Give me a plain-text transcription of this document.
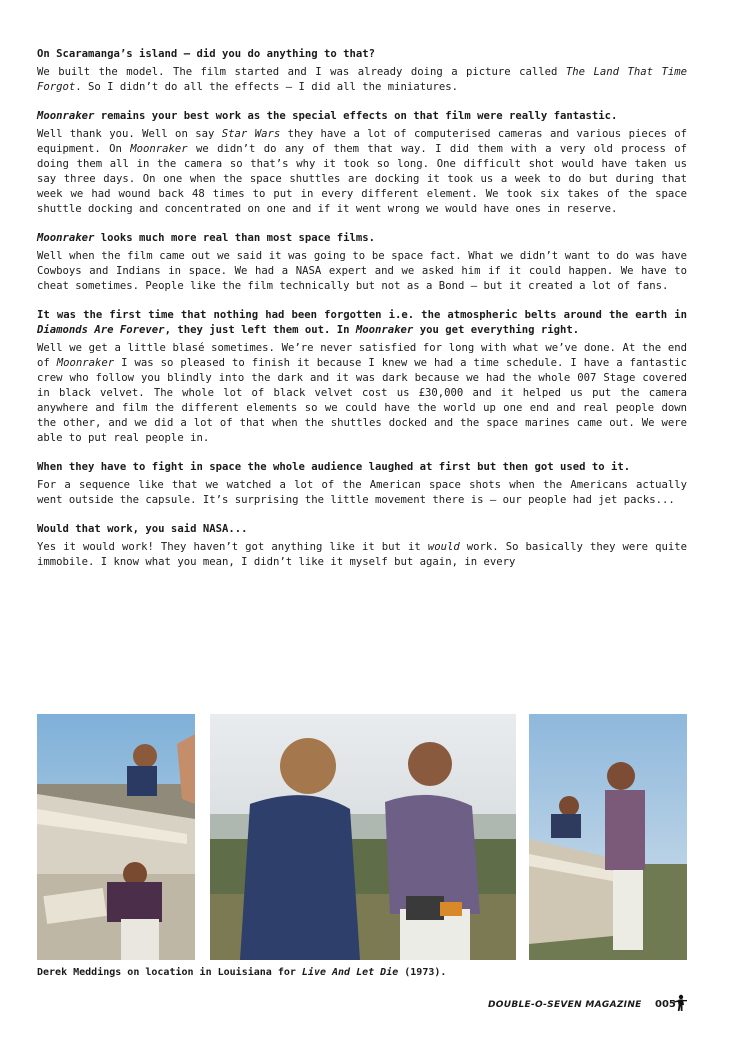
On Scaramanga’s island – did you do anything to that?

We built the model. The film started and I was already doing a picture called The Land That Time Forgot. So I didn’t do all the effects – I did all the miniatures.

Moonraker remains your best work as the special effects on that film were really fantastic.

Well thank you. Well on say Star Wars they have a lot of computerised cameras and various pieces of equipment. On Moonraker we didn’t do any of them that way. I did them with a very old process of doing them all in the camera so that’s why it took so long. One difficult shot would have taken us say three days. On one when the space shuttles are docking it took us a week to do but during that week we had wound back 48 times to put in every different element. We took six takes of the space shuttle docking and concentrated on one and if it went wrong we would have ones in reserve.

Moonraker looks much more real than most space films.

Well when the film came out we said it was going to be space fact. What we didn’t want to do was have Cowboys and Indians in space. We had a NASA expert and we asked him if it could happen. We have to cheat sometimes. People like the film technically but not as a Bond – but it created a lot of fans.

It was the first time that nothing had been forgotten i.e. the atmospheric belts around the earth in Diamonds Are Forever, they just left them out. In Moonraker you get everything right.

Well we get a little blasé sometimes. We’re never satisfied for long with what we’ve done. At the end of Moonraker I was so pleased to finish it because I knew we had a time schedule. I have a fantastic crew who follow you blindly into the dark and it was dark because we had the whole 007 Stage covered in black velvet. The whole lot of black velvet cost us £30,000 and it helped us put the camera anywhere and film the different elements so we could have the world up one end and real people down the other, and we did a lot of that when the shuttles docked and the space marines came out. We were able to put real people in.

When they have to fight in space the whole audience laughed at first but then got used to it.

For a sequence like that we watched a lot of the American space shots when the Americans actually went outside the capsule. It’s surprising the little movement there is – our people had jet packs...

Would that work, you said NASA...

Yes it would work! They haven’t got anything like it but it would work. So basically they were quite immobile. I know what you mean, I didn’t like it myself but again, in every

Derek Meddings on location in Louisiana for Live And Let Die (1973).
DOUBLE-O-SEVEN MAGAZINE 005
